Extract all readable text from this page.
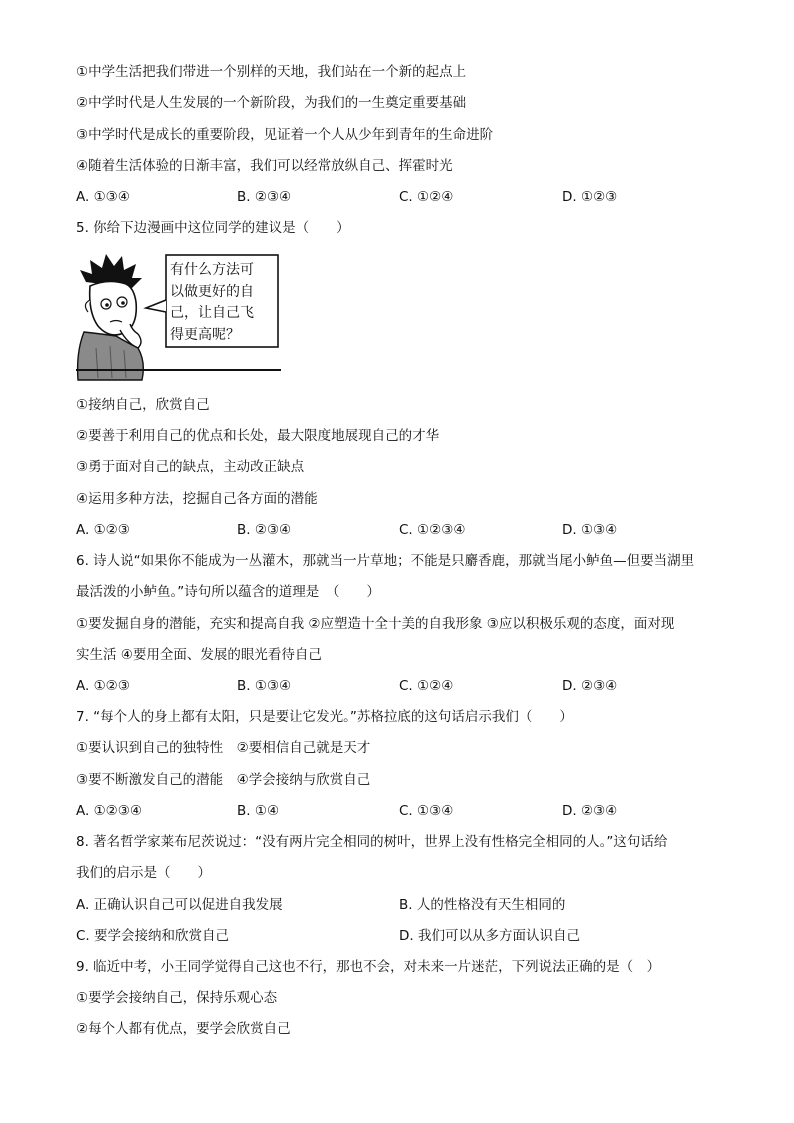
①中学生活把我们带进一个别样的天地，我们站在一个新的起点上
②中学时代是人生发展的一个新阶段，为我们的一生奠定重要基础
③中学时代是成长的重要阶段，见证着一个人从少年到青年的生命进阶
④随着生活体验的日渐丰富，我们可以经常放纵自己、挥霍时光
A. ①③④	B. ②③④	C. ①②④	D. ①②③
5. 你给下边漫画中这位同学的建议是（　　）
有什么方法可
以做更好的自
己，让自己飞
得更高呢？
①接纳自己，欣赏自己
②要善于利用自己的优点和长处，最大限度地展现自己的才华
③勇于面对自己的缺点，主动改正缺点
④运用多种方法，挖掘自己各方面的潜能
A. ①②③	B. ②③④	C. ①②③④	D. ①③④
6. 诗人说“如果你不能成为一丛灌木，那就当一片草地；不能是只麝香鹿，那就当尾小鲈鱼—但要当湖里
最活泼的小鲈鱼。”诗句所以蕴含的道理是　（　　）
①要发掘自身的潜能，充实和提高自我 ②应塑造十全十美的自我形象 ③应以积极乐观的态度，面对现
实生活 ④要用全面、发展的眼光看待自己
A. ①②③	B. ①③④	C. ①②④	D. ②③④
7. “每个人的身上都有太阳，只是要让它发光。”苏格拉底的这句话启示我们（　　）
①要认识到自己的独特性　②要相信自己就是天才
③要不断激发自己的潜能　④学会接纳与欣赏自己
A. ①②③④	B. ①④	C. ①③④	D. ②③④
8. 著名哲学家莱布尼茨说过：“没有两片完全相同的树叶，世界上没有性格完全相同的人。”这句话给
我们的启示是（　　）
A. 正确认识自己可以促进自我发展	B. 人的性格没有天生相同的
C. 要学会接纳和欣赏自己	D. 我们可以从多方面认识自己
9. 临近中考，小王同学觉得自己这也不行，那也不会，对未来一片迷茫，下列说法正确的是（　）
①要学会接纳自己，保持乐观心态
②每个人都有优点，要学会欣赏自己
